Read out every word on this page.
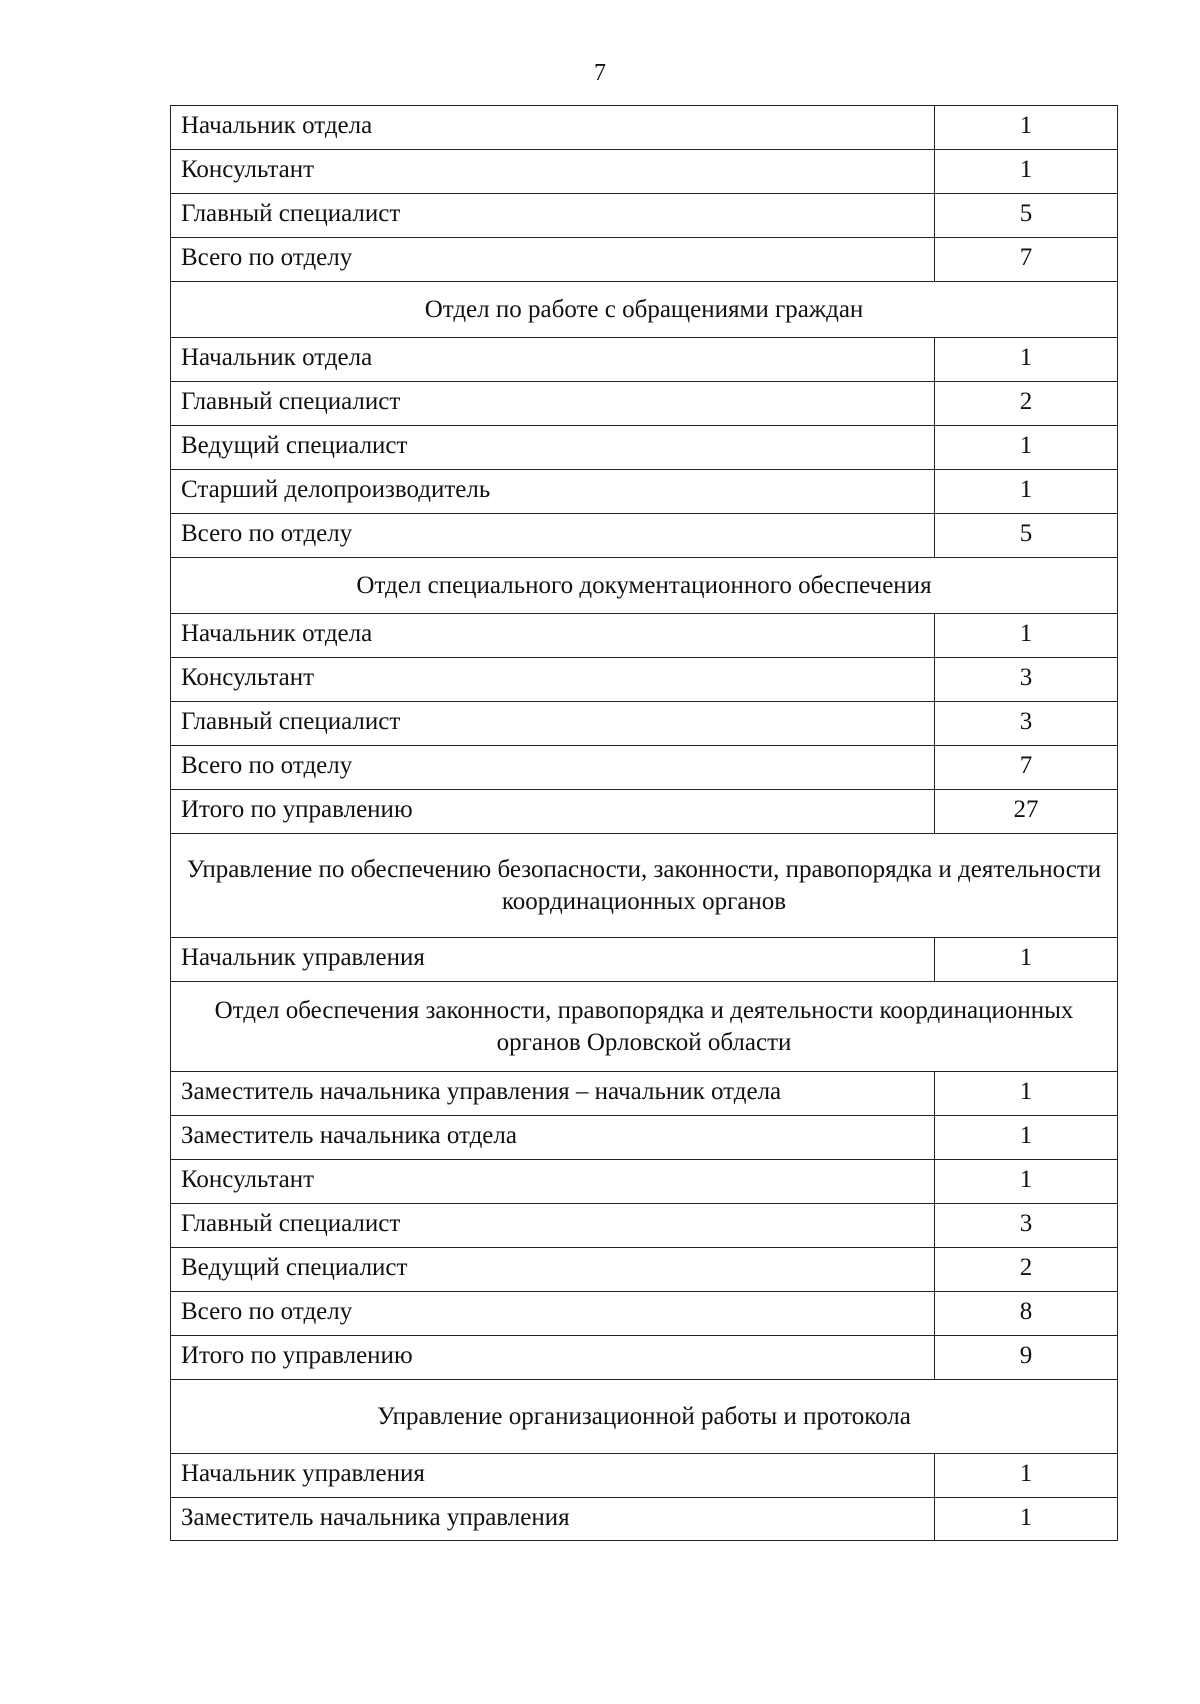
7
Начальник отдела	1
Консультант	1
Главный специалист	5
Всего по отделу	7
Отдел по работе с обращениями граждан
Начальник отдела	1
Главный специалист	2
Ведущий специалист	1
Старший делопроизводитель	1
Всего по отделу	5
Отдел специального документационного обеспечения
Начальник отдела	1
Консультант	3
Главный специалист	3
Всего по отделу	7
Итого по управлению	27
Управление по обеспечению безопасности, законности, правопорядка и деятельности координационных органов
Начальник управления	1
Отдел обеспечения законности, правопорядка и деятельности координационных органов Орловской области
Заместитель начальника управления – начальник отдела	1
Заместитель начальника отдела	1
Консультант	1
Главный специалист	3
Ведущий специалист	2
Всего по отделу	8
Итого по управлению	9
Управление организационной работы и протокола
Начальник управления	1
Заместитель начальника управления	1
